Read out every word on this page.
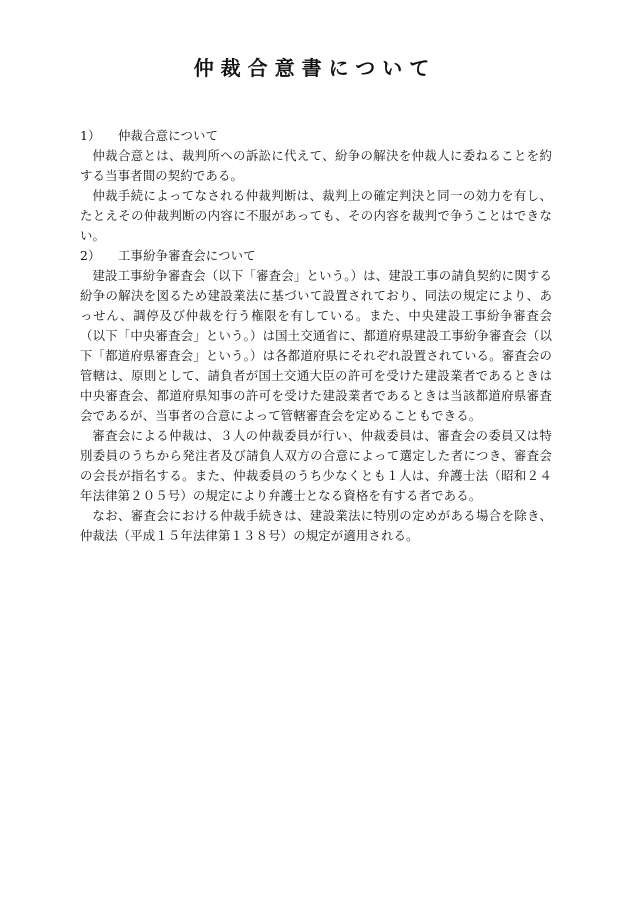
仲裁合意書について

1） 仲裁合意について

仲裁合意とは、裁判所への訴訟に代えて、紛争の解決を仲裁人に委ねることを約する当事者間の契約である。

仲裁手続によってなされる仲裁判断は、裁判上の確定判決と同一の効力を有し、たとえその仲裁判断の内容に不服があっても、その内容を裁判で争うことはできない。

2） 工事紛争審査会について

建設工事紛争審査会（以下「審査会」という。）は、建設工事の請負契約に関する紛争の解決を図るため建設業法に基づいて設置されており、同法の規定により、あっせん、調停及び仲裁を行う権限を有している。また、中央建設工事紛争審査会（以下「中央審査会」という。）は国土交通省に、都道府県建設工事紛争審査会（以下「都道府県審査会」という。）は各都道府県にそれぞれ設置されている。審査会の管轄は、原則として、請負者が国土交通大臣の許可を受けた建設業者であるときは中央審査会、都道府県知事の許可を受けた建設業者であるときは当該都道府県審査会であるが、当事者の合意によって管轄審査会を定めることもできる。

審査会による仲裁は、３人の仲裁委員が行い、仲裁委員は、審査会の委員又は特別委員のうちから発注者及び請負人双方の合意によって選定した者につき、審査会の会長が指名する。また、仲裁委員のうち少なくとも１人は、弁護士法（昭和２４年法律第２０５号）の規定により弁護士となる資格を有する者である。

なお、審査会における仲裁手続きは、建設業法に特別の定めがある場合を除き、仲裁法（平成１５年法律第１３８号）の規定が適用される。
